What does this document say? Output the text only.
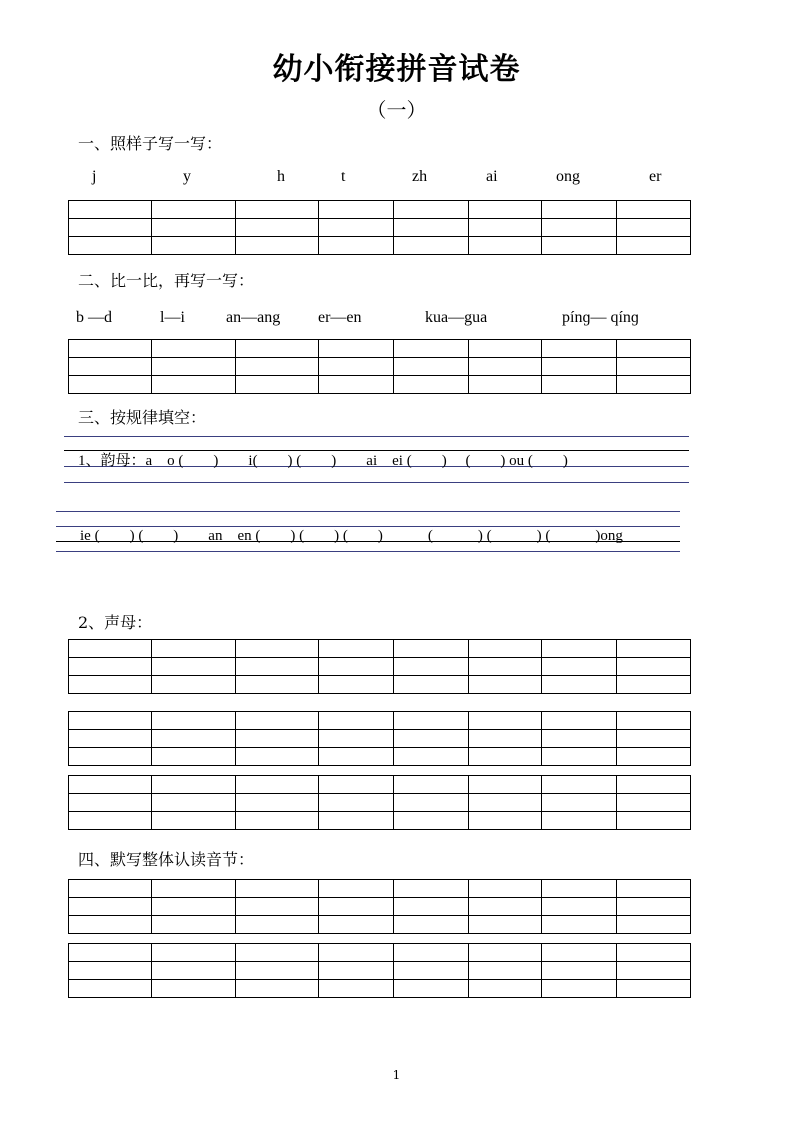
幼小衔接拼音试卷
（一）
一、照样子写一写：
j	y	h	t	zh	ai	ong	er

二、比一比，再写一写：
b —d	l—i	an—ang er—en	kua—gua	pínɡ— qínɡ

三、按规律填空：
1、韵母：a　o (　　)　　i(　　) (　　)　　ai　ei (　　)　 (　　) ou (　　)
ie (　　) (　　)　　an　en (　　) (　　) (　　)　　　(　　　) (　　　) (　　　)ong
2、声母：

四、默写整体认读音节：

1
